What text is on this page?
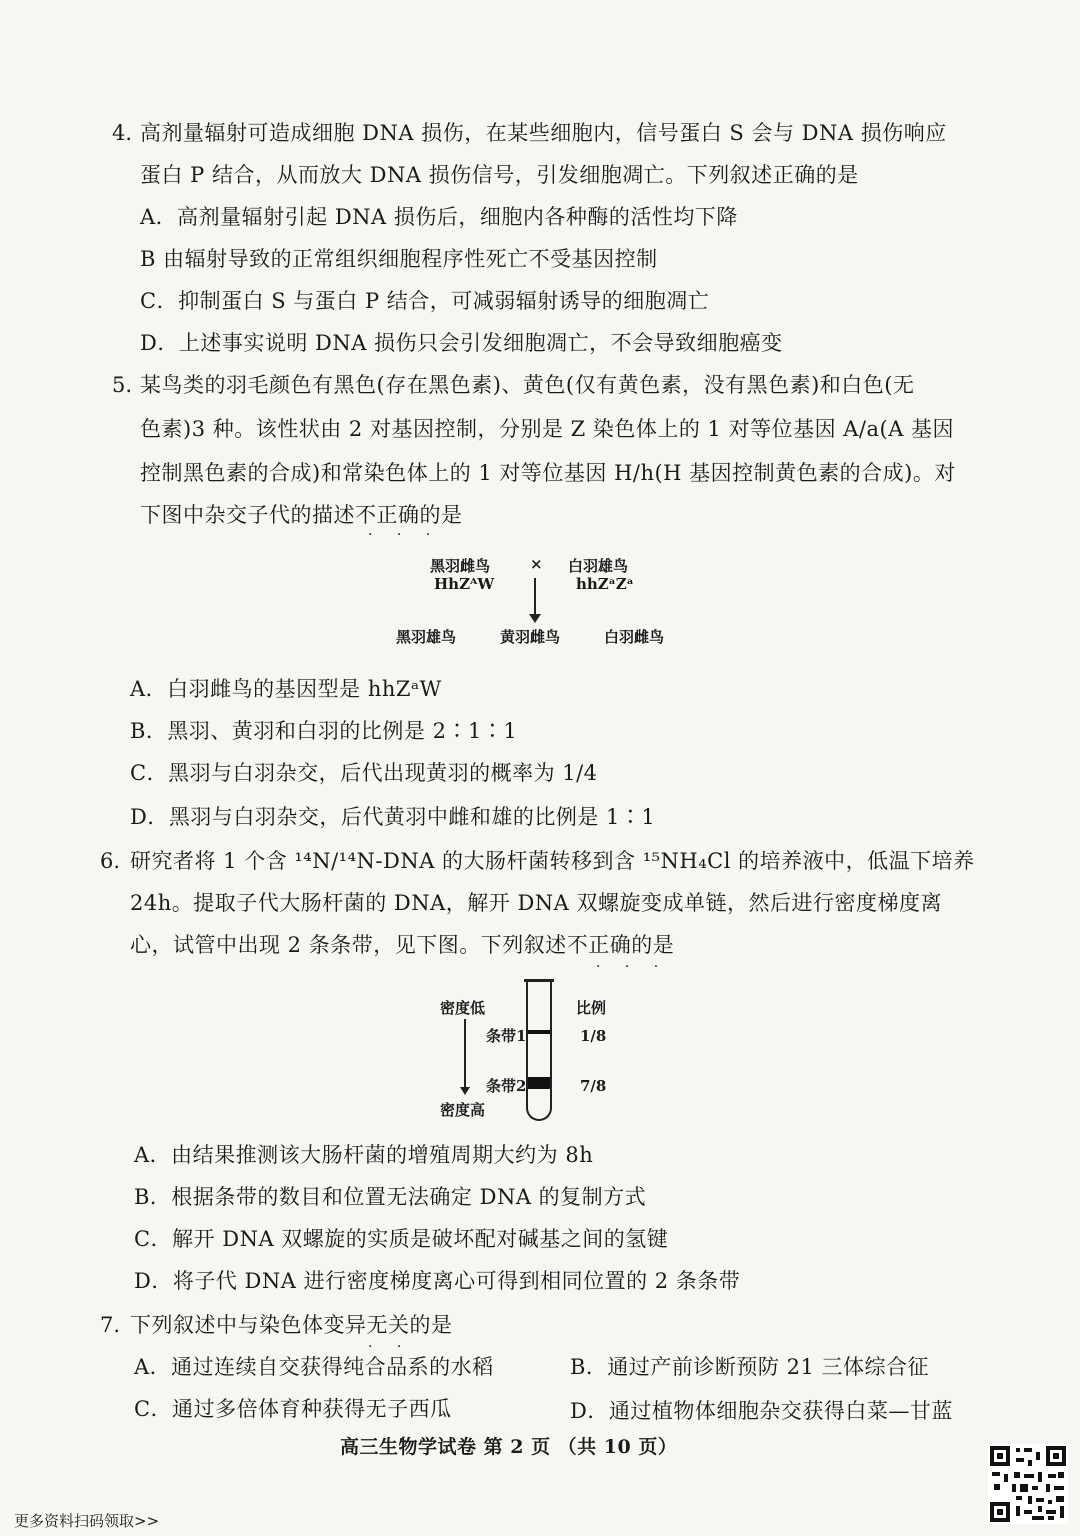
4. 高剂量辐射可造成细胞 DNA 损伤，在某些细胞内，信号蛋白 S 会与 DNA 损伤响应
蛋白 P 结合，从而放大 DNA 损伤信号，引发细胞凋亡。下列叙述正确的是
A．高剂量辐射引起 DNA 损伤后，细胞内各种酶的活性均下降
B 由辐射导致的正常组织细胞程序性死亡不受基因控制
C．抑制蛋白 S 与蛋白 P 结合，可减弱辐射诱导的细胞凋亡
D．上述事实说明 DNA 损伤只会引发细胞凋亡，不会导致细胞癌变
5. 某鸟类的羽毛颜色有黑色(存在黑色素)、黄色(仅有黄色素，没有黑色素)和白色(无
色素)3 种。该性状由 2 对基因控制，分别是 Z 染色体上的 1 对等位基因 A/a(A 基因
控制黑色素的合成)和常染色体上的 1 对等位基因 H/h(H 基因控制黄色素的合成)。对
下图中杂交子代的描述不正确的是
· · ·
黑羽雌鸟
HhZᴬW
× 白羽雄鸟
hhZᵃZᵃ
黑羽雄鸟	黄羽雌鸟	白羽雌鸟
A．白羽雌鸟的基因型是 hhZᵃW
B．黑羽、黄羽和白羽的比例是 2∶1∶1
C．黑羽与白羽杂交，后代出现黄羽的概率为 1/4
D．黑羽与白羽杂交，后代黄羽中雌和雄的比例是 1∶1
6. 研究者将 1 个含 ¹⁴N/¹⁴N-DNA 的大肠杆菌转移到含 ¹⁵NH₄Cl 的培养液中，低温下培养
24h。提取子代大肠杆菌的 DNA，解开 DNA 双螺旋变成单链，然后进行密度梯度离
心，试管中出现 2 条条带，见下图。下列叙述不正确的是
· · ·
密度低
密度高
条带1
条带2
比例
1/8
7/8
A．由结果推测该大肠杆菌的增殖周期大约为 8h
B．根据条带的数目和位置无法确定 DNA 的复制方式
C．解开 DNA 双螺旋的实质是破坏配对碱基之间的氢键
D．将子代 DNA 进行密度梯度离心可得到相同位置的 2 条条带
7. 下列叙述中与染色体变异无关的是
· ·
A．通过连续自交获得纯合品系的水稻	B．通过产前诊断预防 21 三体综合征
C．通过多倍体育种获得无子西瓜	D．通过植物体细胞杂交获得白菜—甘蓝
高三生物学试卷 第 2 页 （共 10 页）
更多资料扫码领取>>
